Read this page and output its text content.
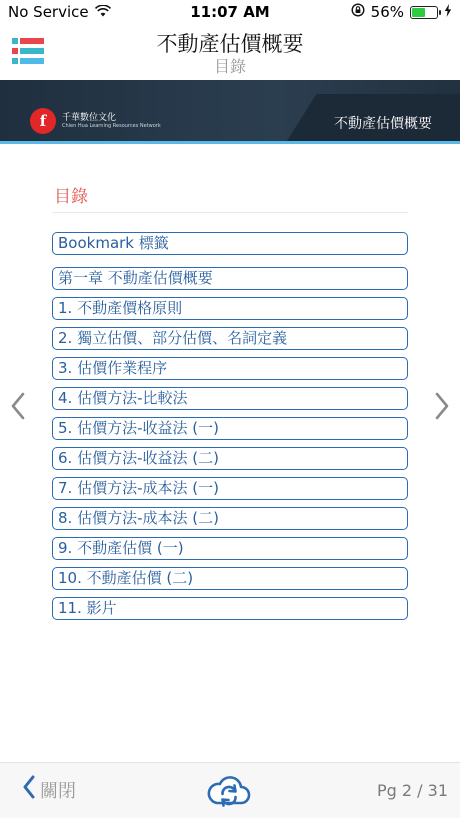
No Service	11:07 AM	56%
不動產估價概要
目錄
f	千華數位文化
Chien Hua Learning Resources Network	不動產估價概要
目錄
Bookmark 標籤
第一章 不動產估價概要
1. 不動產價格原則
2. 獨立估價、部分估價、名詞定義
3. 估價作業程序
4. 估價方法-比較法
5. 估價方法-收益法 (一)
6. 估價方法-收益法 (二)
7. 估價方法-成本法 (一)
8. 估價方法-成本法 (二)
9. 不動產估價 (一)
10. 不動產估價 (二)
11. 影片
關閉	Pg 2 / 31
